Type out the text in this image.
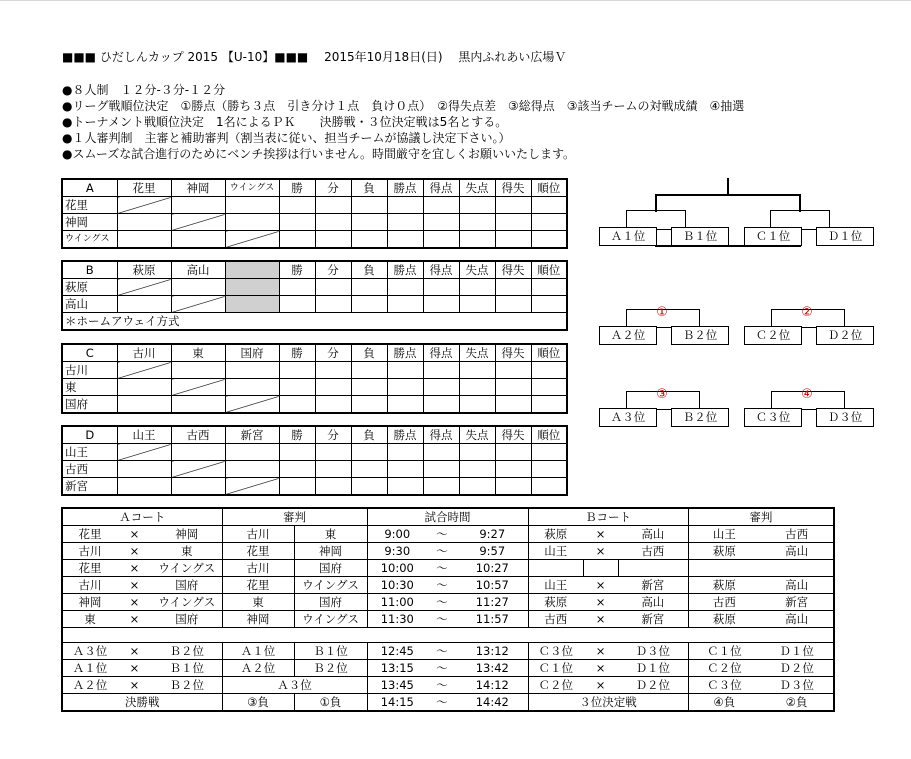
■■■ ひだしんカップ 2015 【U-10】■■■ 2015年10月18日(日) 黒内ふれあい広場Ｖ
●８人制　１２分-３分-１２分
●リーグ戦順位決定　①勝点（勝ち３点　引き分け１点　負け０点）　②得失点差　③総得点　③該当チームの対戦成績　④抽選
●トーナメント戦順位決定　1名によるＰＫ　　決勝戦・３位決定戦は5名とする。
●１人審判制　主審と補助審判（割当表に従い、担当チームが協議し決定下さい。）
●スムーズな試合進行のためにベンチ挨拶は行いません。時間厳守を宜しくお願いいたします。
A	花里	神岡	ウイングス	勝	分	負	勝点	得点	失点	得失	順位
花里											
神岡											
ウイングス											
B	萩原	高山		勝	分	負	勝点	得点	失点	得失	順位
萩原											
高山											
＊ホームアウェイ方式											
C	古川	東	国府	勝	分	負	勝点	得点	失点	得失	順位
古川											
東											
国府											
D	山王	古西	新宮	勝	分	負	勝点	得点	失点	得失	順位
山王											
古西											
新宮											
Ａコート			審判		試合時間			Ｂコート			審判	
花里	×	神岡	古川	東	9:00	～	9:27	萩原	×	高山	山王	古西
古川	×	東	花里	神岡	9:30	～	9:57	山王	×	古西	萩原	高山
花里	×	ウイングス	古川	国府	10:00	～	10:27					
古川	×	国府	花里	ウイングス	10:30	～	10:57	山王	×	新宮	萩原	高山
神岡	×	ウイングス	東	国府	11:00	～	11:27	萩原	×	高山	古西	新宮
東	×	国府	神岡	ウイングス	11:30	～	11:57	古西	×	新宮	萩原	高山

Ａ３位	×	Ｂ２位	Ａ１位	Ｂ１位	12:45	～	13:12	Ｃ３位	×	Ｄ３位	Ｃ１位	Ｄ１位
Ａ１位	×	Ｂ１位	Ａ２位	Ｂ２位	13:15	～	13:42	Ｃ１位	×	Ｄ１位	Ｃ２位	Ｄ２位
Ａ２位	×	Ｂ２位	Ａ３位		13:45	～	14:12	Ｃ２位	×	Ｄ２位	Ｃ３位	Ｄ３位
決勝戦			③負	①負	14:15	～	14:42	３位決定戦			④負	②負
Ａ１位	Ｂ１位	Ｃ１位	Ｄ１位
Ａ２位	Ｂ２位
①
Ｃ２位	Ｄ２位
②
Ａ３位	Ｂ２位
③
Ｃ３位	Ｄ３位
④
